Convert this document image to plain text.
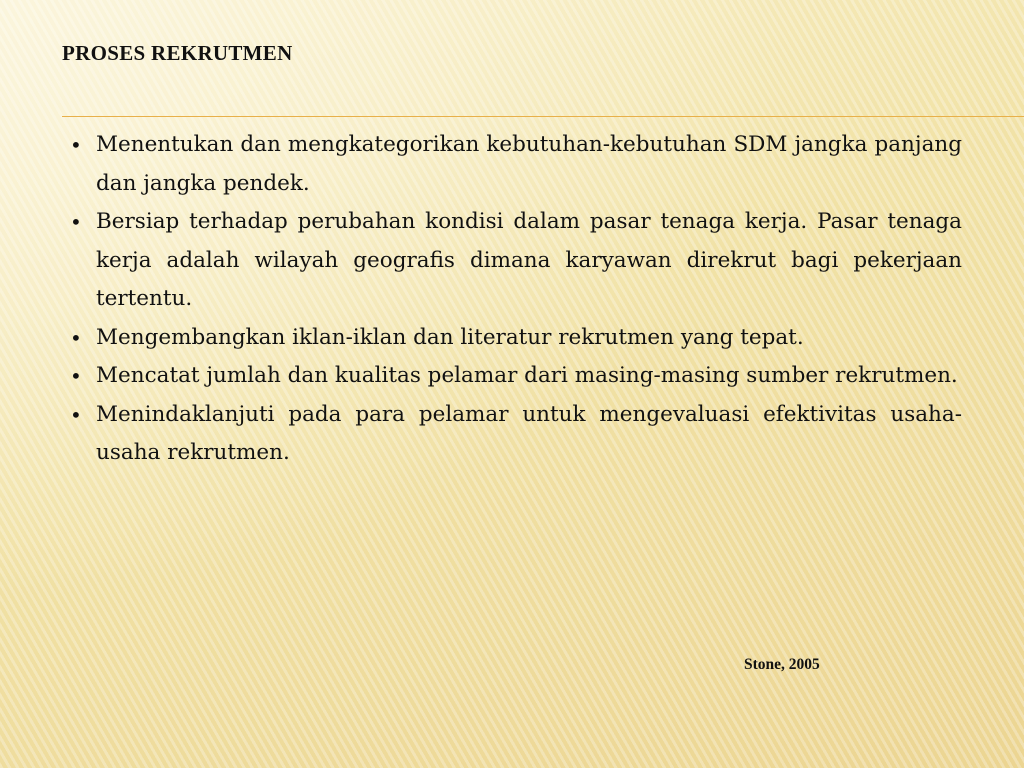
PROSES REKRUTMEN
• Menentukan dan mengkategorikan kebutuhan-kebutuhan SDM jangka panjang dan jangka pendek.
• Bersiap terhadap perubahan kondisi dalam pasar tenaga kerja. Pasar tenaga kerja adalah wilayah geografis dimana karyawan direkrut bagi pekerjaan tertentu.
• Mengembangkan iklan-iklan dan literatur rekrutmen yang tepat.
• Mencatat jumlah dan kualitas pelamar dari masing-masing sumber rekrutmen.
• Menindaklanjuti pada para pelamar untuk mengevaluasi efektivitas usaha-usaha rekrutmen.
Stone, 2005
